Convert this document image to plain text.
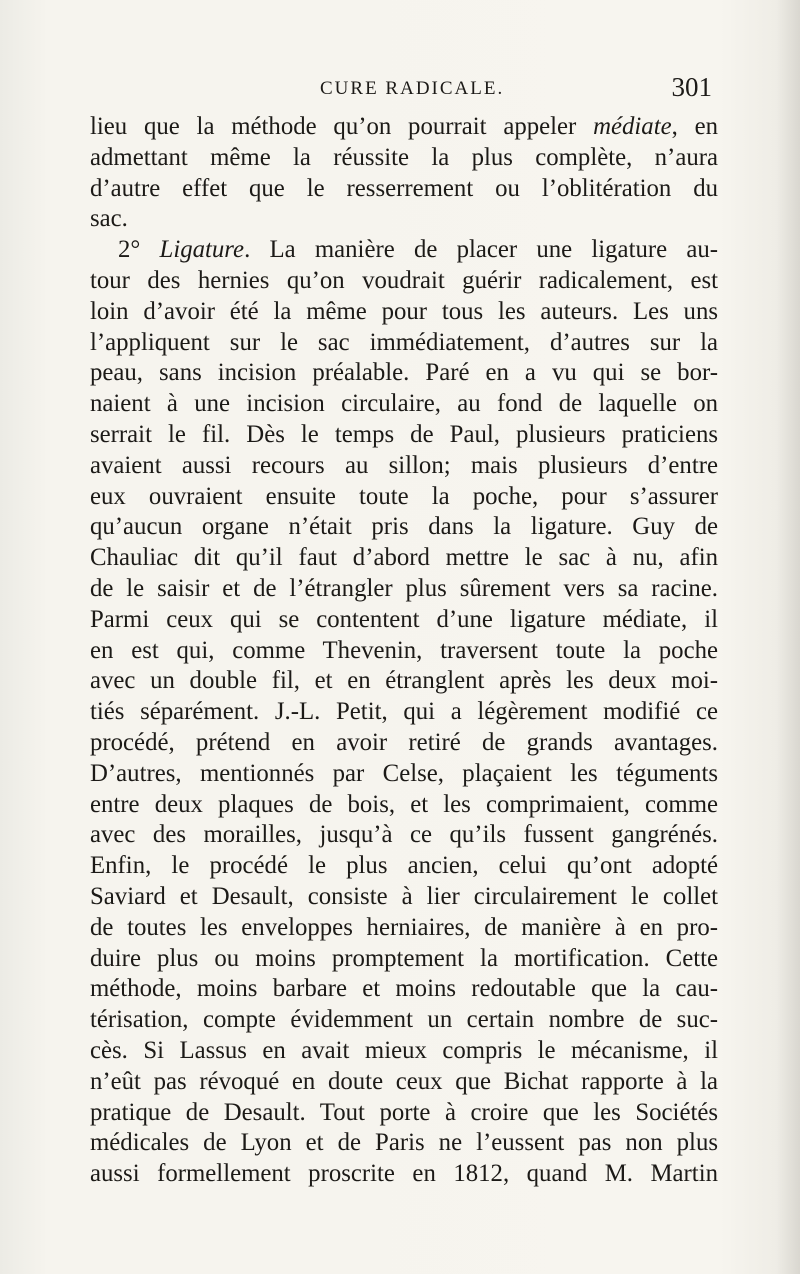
CURE RADICALE.	301
lieu que la méthode qu’on pourrait appeler médiate, en
admettant même la réussite la plus complète, n’aura
d’autre effet que le resserrement ou l’oblitération du
sac.
2° Ligature. La manière de placer une ligature au-
tour des hernies qu’on voudrait guérir radicalement, est
loin d’avoir été la même pour tous les auteurs. Les uns
l’appliquent sur le sac immédiatement, d’autres sur la
peau, sans incision préalable. Paré en a vu qui se bor-
naient à une incision circulaire, au fond de laquelle on
serrait le fil. Dès le temps de Paul, plusieurs praticiens
avaient aussi recours au sillon; mais plusieurs d’entre
eux ouvraient ensuite toute la poche, pour s’assurer
qu’aucun organe n’était pris dans la ligature. Guy de
Chauliac dit qu’il faut d’abord mettre le sac à nu, afin
de le saisir et de l’étrangler plus sûrement vers sa racine.
Parmi ceux qui se contentent d’une ligature médiate, il
en est qui, comme Thevenin, traversent toute la poche
avec un double fil, et en étranglent après les deux moi-
tiés séparément. J.-L. Petit, qui a légèrement modifié ce
procédé, prétend en avoir retiré de grands avantages.
D’autres, mentionnés par Celse, plaçaient les téguments
entre deux plaques de bois, et les comprimaient, comme
avec des morailles, jusqu’à ce qu’ils fussent gangrénés.
Enfin, le procédé le plus ancien, celui qu’ont adopté
Saviard et Desault, consiste à lier circulairement le collet
de toutes les enveloppes herniaires, de manière à en pro-
duire plus ou moins promptement la mortification. Cette
méthode, moins barbare et moins redoutable que la cau-
térisation, compte évidemment un certain nombre de suc-
cès. Si Lassus en avait mieux compris le mécanisme, il
n’eût pas révoqué en doute ceux que Bichat rapporte à la
pratique de Desault. Tout porte à croire que les Sociétés
médicales de Lyon et de Paris ne l’eussent pas non plus
aussi formellement proscrite en 1812, quand M. Martin
